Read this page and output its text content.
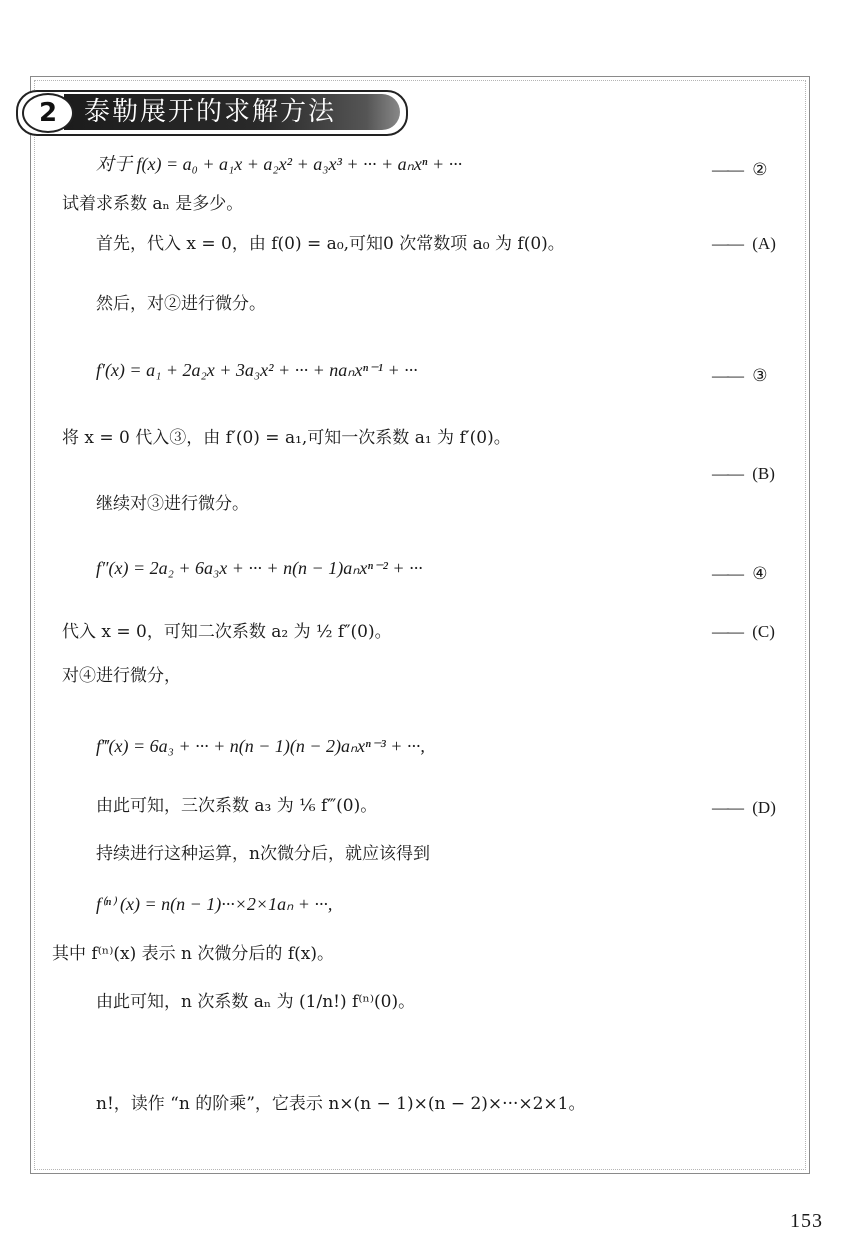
2	泰勒展开的求解方法
对于 f(x) = a₀ + a₁x + a₂x² + a₃x³ + ··· + aₙxⁿ + ···	—— ②
试着求系数 aₙ 是多少。
首先，代入 x = 0，由 f(0) = a₀,可知0 次常数项 a₀ 为 f(0)。	—— (A)
然后，对②进行微分。
f′(x) = a₁ + 2a₂x + 3a₃x² + ··· + naₙxⁿ⁻¹ + ···	—— ③
将 x = 0 代入③，由 f′(0) = a₁,可知一次系数 a₁ 为 f′(0)。
—— (B)
继续对③进行微分。
f″(x) = 2a₂ + 6a₃x + ··· + n(n − 1)aₙxⁿ⁻² + ···	—— ④
代入 x = 0，可知二次系数 a₂ 为 ½ f″(0)。	—— (C)
对④进行微分，
f‴(x) = 6a₃ + ··· + n(n − 1)(n − 2)aₙxⁿ⁻³ + ···,
由此可知，三次系数 a₃ 为 ⅙ f‴(0)。	—— (D)
持续进行这种运算，n次微分后，就应该得到
f⁽ⁿ⁾ (x) = n(n − 1)···×2×1aₙ + ···,
其中 f⁽ⁿ⁾(x) 表示 n 次微分后的 f(x)。
由此可知，n 次系数 aₙ 为 (1/n!) f⁽ⁿ⁾(0)。
n!，读作 “n 的阶乘”，它表示 n×(n − 1)×(n − 2)×···×2×1。
153
